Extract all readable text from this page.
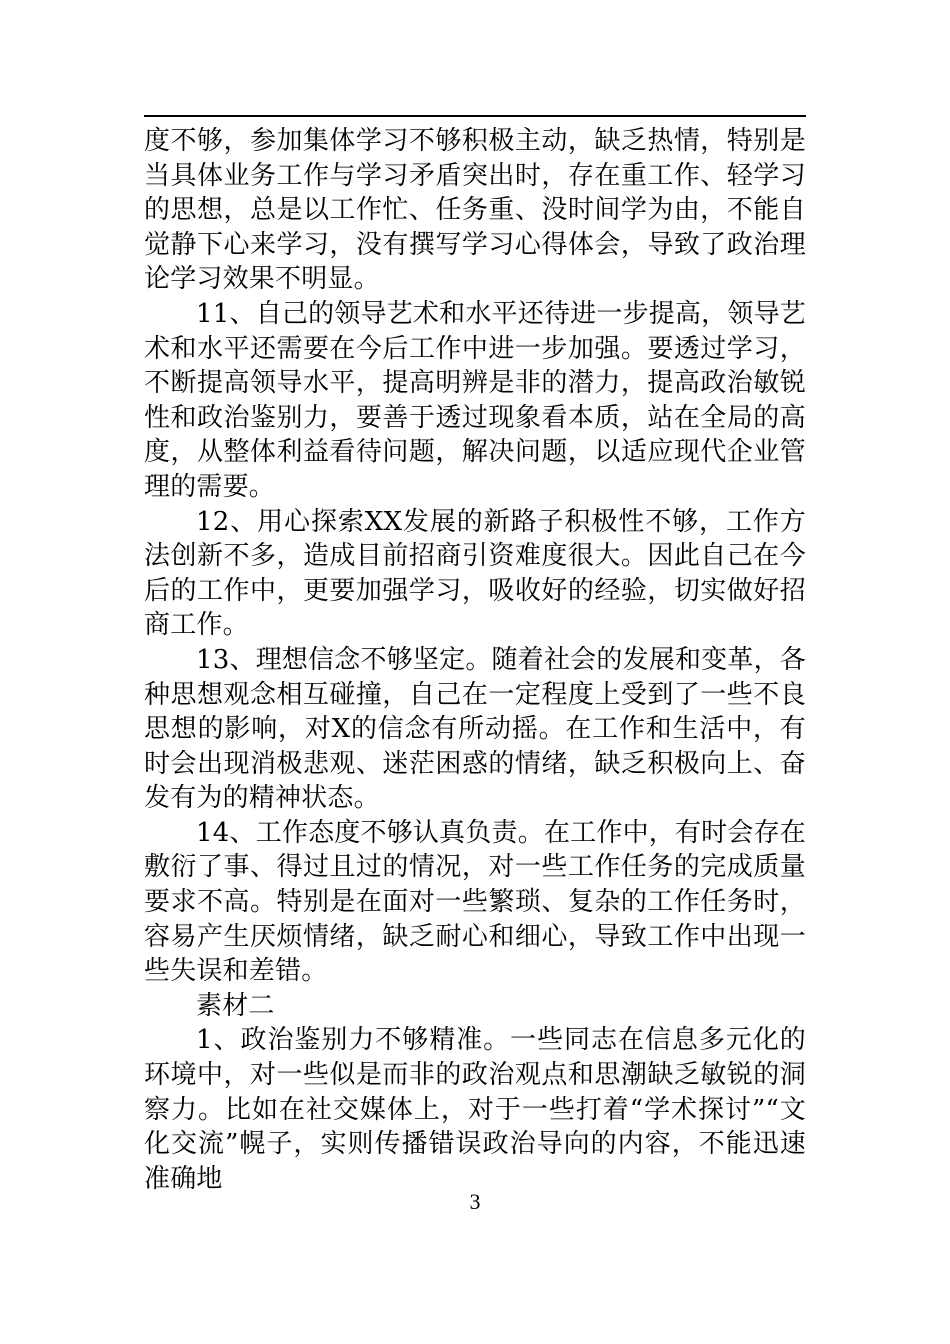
度不够，参加集体学习不够积极主动，缺乏热情，特别是当具体业务工作与学习矛盾突出时，存在重工作、轻学习的思想，总是以工作忙、任务重、没时间学为由，不能自觉静下心来学习，没有撰写学习心得体会，导致了政治理论学习效果不明显。

11、自己的领导艺术和水平还待进一步提高，领导艺术和水平还需要在今后工作中进一步加强。要透过学习，不断提高领导水平，提高明辨是非的潜力，提高政治敏锐性和政治鉴别力，要善于透过现象看本质，站在全局的高度，从整体利益看待问题，解决问题，以适应现代企业管理的需要。

12、用心探索XX发展的新路子积极性不够，工作方法创新不多，造成目前招商引资难度很大。因此自己在今后的工作中，更要加强学习，吸收好的经验，切实做好招商工作。

13、理想信念不够坚定。随着社会的发展和变革，各种思想观念相互碰撞，自己在一定程度上受到了一些不良思想的影响，对X的信念有所动摇。在工作和生活中，有时会出现消极悲观、迷茫困惑的情绪，缺乏积极向上、奋发有为的精神状态。

14、工作态度不够认真负责。在工作中，有时会存在敷衍了事、得过且过的情况，对一些工作任务的完成质量要求不高。特别是在面对一些繁琐、复杂的工作任务时，容易产生厌烦情绪，缺乏耐心和细心，导致工作中出现一些失误和差错。

素材二

1、政治鉴别力不够精准。一些同志在信息多元化的环境中，对一些似是而非的政治观点和思潮缺乏敏锐的洞察力。比如在社交媒体上，对于一些打着“学术探讨”“文化交流”幌子，实则传播错误政治导向的内容，不能迅速准确地

3
